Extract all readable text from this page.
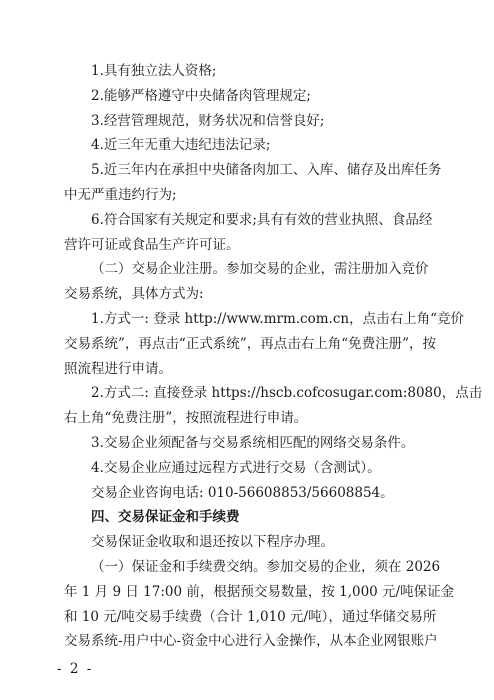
1.具有独立法人资格;
2.能够严格遵守中央储备肉管理规定;
3.经营管理规范，财务状况和信誉良好;
4.近三年无重大违纪违法记录;
5.近三年内在承担中央储备肉加工、入库、储存及出库任务
中无严重违约行为;
6.符合国家有关规定和要求;具有有效的营业执照、食品经
营许可证或食品生产许可证。
（二）交易企业注册。参加交易的企业，需注册加入竞价
交易系统，具体方式为:
1.方式一: 登录 http://www.mrm.com.cn，点击右上角“竞价
交易系统”，再点击“正式系统”，再点击右上角“免费注册”，按
照流程进行申请。
2.方式二: 直接登录 https://hscb.cofcosugar.com:8080，点击
右上角“免费注册”，按照流程进行申请。
3.交易企业须配备与交易系统相匹配的网络交易条件。
4.交易企业应通过远程方式进行交易（含测试）。
交易企业咨询电话: 010-56608853/56608854。
四、交易保证金和手续费
交易保证金收取和退还按以下程序办理。
（一）保证金和手续费交纳。参加交易的企业，须在 2026
年 1 月 9 日 17:00 前，根据预交易数量，按 1,000 元/吨保证金
和 10 元/吨交易手续费（合计 1,010 元/吨），通过华储交易所
交易系统-用户中心-资金中心进行入金操作，从本企业网银账户
- 2 -
